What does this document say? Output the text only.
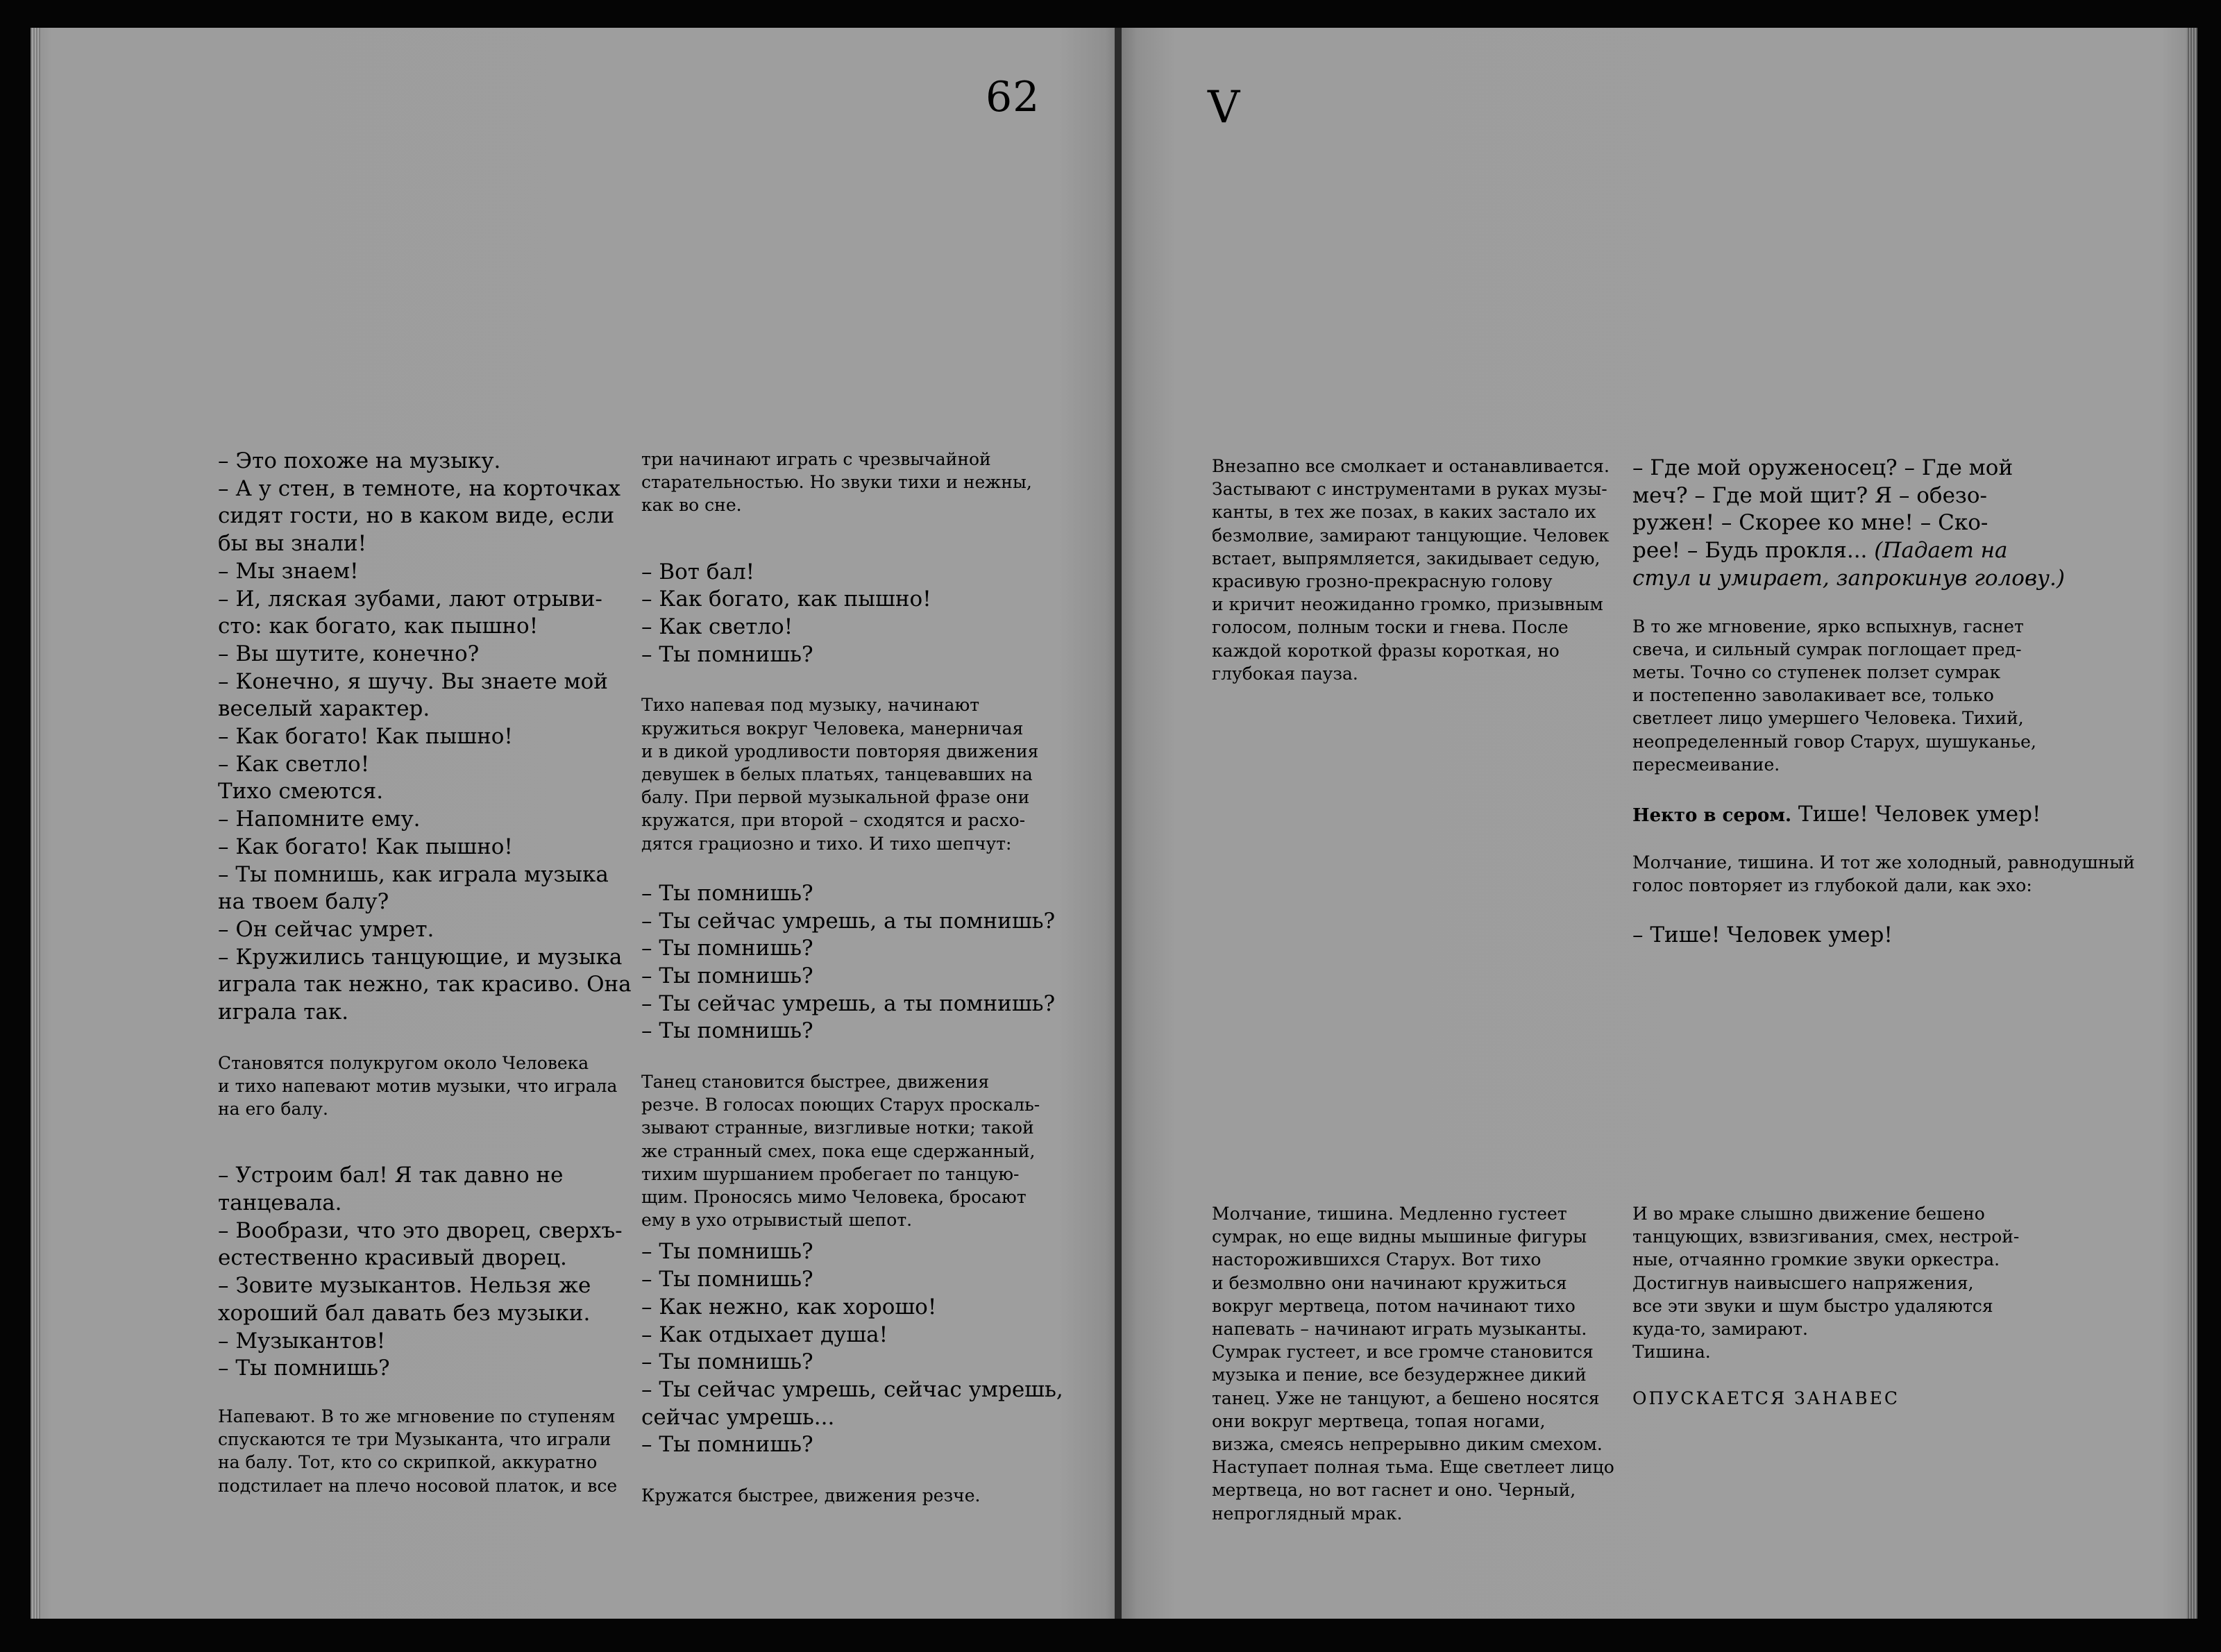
62
– Это похоже на музыку.
– А у стен, в темноте, на корточках
сидят гости, но в каком виде, если
бы вы знали!
– Мы знаем!
– И, ляская зубами, лают отрыви-
сто: как богато, как пышно!
– Вы шутите, конечно?
– Конечно, я шучу. Вы знаете мой
веселый характер.
– Как богато! Как пышно!
– Как светло!
Тихо смеются.
– Напомните ему.
– Как богато! Как пышно!
– Ты помнишь, как играла музыка
на твоем балу?
– Он сейчас умрет.
– Кружились танцующие, и музыка
играла так нежно, так красиво. Она
играла так.
Становятся полукругом около Человека
и тихо напевают мотив музыки, что играла
на его балу.
– Устроим бал! Я так давно не
танцевала.
– Вообрази, что это дворец, сверхъ-
естественно красивый дворец.
– Зовите музыкантов. Нельзя же
хороший бал давать без музыки.
– Музыкантов!
– Ты помнишь?
Напевают. В то же мгновение по ступеням
спускаются те три Музыканта, что играли
на балу. Тот, кто со скрипкой, аккуратно
подстилает на плечо носовой платок, и все
три начинают играть с чрезвычайной
старательностью. Но звуки тихи и нежны,
как во сне.
– Вот бал!
– Как богато, как пышно!
– Как светло!
– Ты помнишь?
Тихо напевая под музыку, начинают
кружиться вокруг Человека, манерничая
и в дикой уродливости повторяя движения
девушек в белых платьях, танцевавших на
балу. При первой музыкальной фразе они
кружатся, при второй – сходятся и расхо-
дятся грациозно и тихо. И тихо шепчут:
– Ты помнишь?
– Ты сейчас умрешь, а ты помнишь?
– Ты помнишь?
– Ты помнишь?
– Ты сейчас умрешь, а ты помнишь?
– Ты помнишь?
Танец становится быстрее, движения
резче. В голосах поющих Старух проскаль-
зывают странные, визгливые нотки; такой
же странный смех, пока еще сдержанный,
тихим шуршанием пробегает по танцую-
щим. Проносясь мимо Человека, бросают
ему в ухо отрывистый шепот.
– Ты помнишь?
– Ты помнишь?
– Как нежно, как хорошо!
– Как отдыхает душа!
– Ты помнишь?
– Ты сейчас умрешь, сейчас умрешь,
сейчас умрешь...
– Ты помнишь?
Кружатся быстрее, движения резче.
V
Внезапно все смолкает и останавливается.
Застывают с инструментами в руках музы-
канты, в тех же позах, в каких застало их
безмолвие, замирают танцующие. Человек
встает, выпрямляется, закидывает седую,
красивую грозно-прекрасную голову
и кричит неожиданно громко, призывным
голосом, полным тоски и гнева. После
каждой короткой фразы короткая, но
глубокая пауза.
Молчание, тишина. Медленно густеет
сумрак, но еще видны мышиные фигуры
насторожившихся Старух. Вот тихо
и безмолвно они начинают кружиться
вокруг мертвеца, потом начинают тихо
напевать – начинают играть музыканты.
Сумрак густеет, и все громче становится
музыка и пение, все безудержнее дикий
танец. Уже не танцуют, а бешено носятся
они вокруг мертвеца, топая ногами,
визжа, смеясь непрерывно диким смехом.
Наступает полная тьма. Еще светлеет лицо
мертвеца, но вот гаснет и оно. Черный,
непроглядный мрак.
– Где мой оруженосец? – Где мой
меч? – Где мой щит? Я – обезо-
ружен! – Скорее ко мне! – Ско-
рее! – Будь прокля... (Падает на
стул и умирает, запрокинув голову.)
В то же мгновение, ярко вспыхнув, гаснет
свеча, и сильный сумрак поглощает пред-
меты. Точно со ступенек ползет сумрак
и постепенно заволакивает все, только
светлеет лицо умершего Человека. Тихий,
неопределенный говор Старух, шушуканье,
пересмеивание.
Некто в сером. Тише! Человек умер!
Молчание, тишина. И тот же холодный, равнодушный
голос повторяет из глубокой дали, как эхо:
– Тише! Человек умер!
И во мраке слышно движение бешено
танцующих, взвизгивания, смех, нестрой-
ные, отчаянно громкие звуки оркестра.
Достигнув наивысшего напряжения,
все эти звуки и шум быстро удаляются
куда-то, замирают.
Тишина.
ОПУСКАЕТСЯ ЗАНАВЕС
